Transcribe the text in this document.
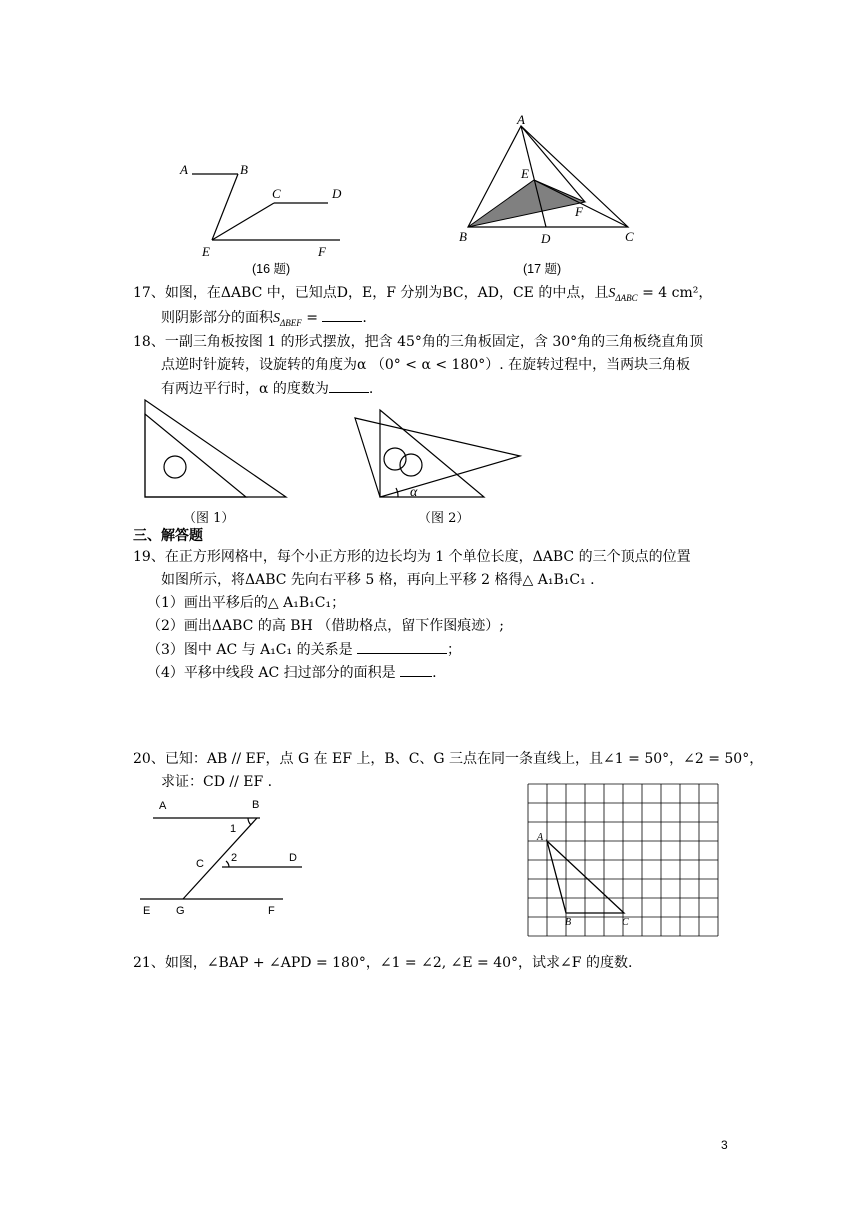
A	B
C	D
E	F
(16 题)
A
B	D	C
E
F
(17 题)
17、如图，在ΔABC 中，已知点D，E，F 分别为BC，AD，CE 的中点，且$S_{\Delta ABC} = 4$ cm²，
则阴影部分的面积$S_{\Delta BEF}$ =	.
18、一副三角板按图 1 的形式摆放，把含 45°角的三角板固定，含 30°角的三角板绕直角顶
点逆时针旋转，设旋转的角度为α （0° < α < 180°）. 在旋转过程中，当两块三角板
有两边平行时，α 的度数为	.
（图 1）
α
（图 2）
三、解答题
19、在正方形网格中，每个小正方形的边长均为 1 个单位长度，ΔABC 的三个顶点的位置
如图所示，将ΔABC 先向右平移 5 格，再向上平移 2 格得△ A₁B₁C₁ .
（1）画出平移后的△ A₁B₁C₁；
（2）画出ΔABC 的高 BH （借助格点，留下作图痕迹）;
（3）图中 AC 与 A₁C₁ 的关系是	；
（4）平移中线段 AC 扫过部分的面积是	.
20、已知：AB // EF，点 G 在 EF 上，B、C、G 三点在同一条直线上，且∠1 = 50°，∠2 = 50°，
求证：CD // EF .
A	B
1
C 2	D
E G	F
A
B	C
21、如图，∠BAP + ∠APD = 180°，∠1 = ∠2, ∠E = 40°，试求∠F 的度数.
3
